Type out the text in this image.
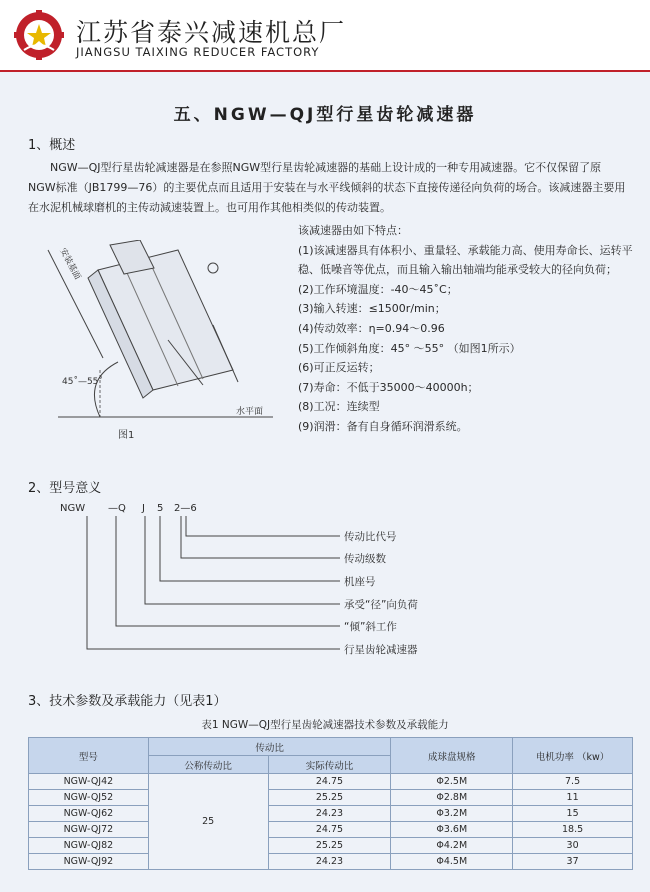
江苏省泰兴减速机总厂
JIANGSU TAIXING REDUCER FACTORY
五、NGW—QJ型行星齿轮减速器
1、概述
NGW—QJ型行星齿轮减速器是在参照NGW型行星齿轮减速器的基础上设计成的一种专用减速器。它不仅保留了原NGW标准（JB1799—76）的主要优点而且适用于安装在与水平线倾斜的状态下直接传递径向负荷的场合。该减速器主要用在水泥机械球磨机的主传动減速装置上。也可用作其他相类似的传动装置。
该减速器由如下特点：
(1)该减速器具有体积小、重量轻、承载能力高、使用寿命长、运转平稳、低噪音等优点，而且输入输出轴端均能承受较大的径向负荷；
(2)工作环境温度：-40～45˚C；
(3)输入转速：≤1500r/min；
(4)传动效率：η=0.94～0.96
(5)工作倾斜角度：45° ～55° （如图1所示）
(6)可正反运转；
(7)寿命：不低于35000～40000h；
(8)工况：连续型
(9)润滑：备有自身循环润滑系统。
安装基面
45˚—55˚
水平面
图1
2、型号意义
NGW —Q J 5 2—6
传动比代号
传动级数
机座号
承受“径”向负荷
“倾”斜工作
行星齿轮减速器
3、技术参数及承载能力（见表1）
表1 NGW—QJ型行星齿轮减速器技术参数及承载能力
型号	传动比		成球盘规格	电机功率 （kw）
	公称传动比	实际传动比		
NGW-QJ42	25	24.75	Φ2.5M	7.5
NGW-QJ52		25.25	Φ2.8M	11
NGW-QJ62		24.23	Φ3.2M	15
NGW-QJ72		24.75	Φ3.6M	18.5
NGW-QJ82		25.25	Φ4.2M	30
NGW-QJ92		24.23	Φ4.5M	37
